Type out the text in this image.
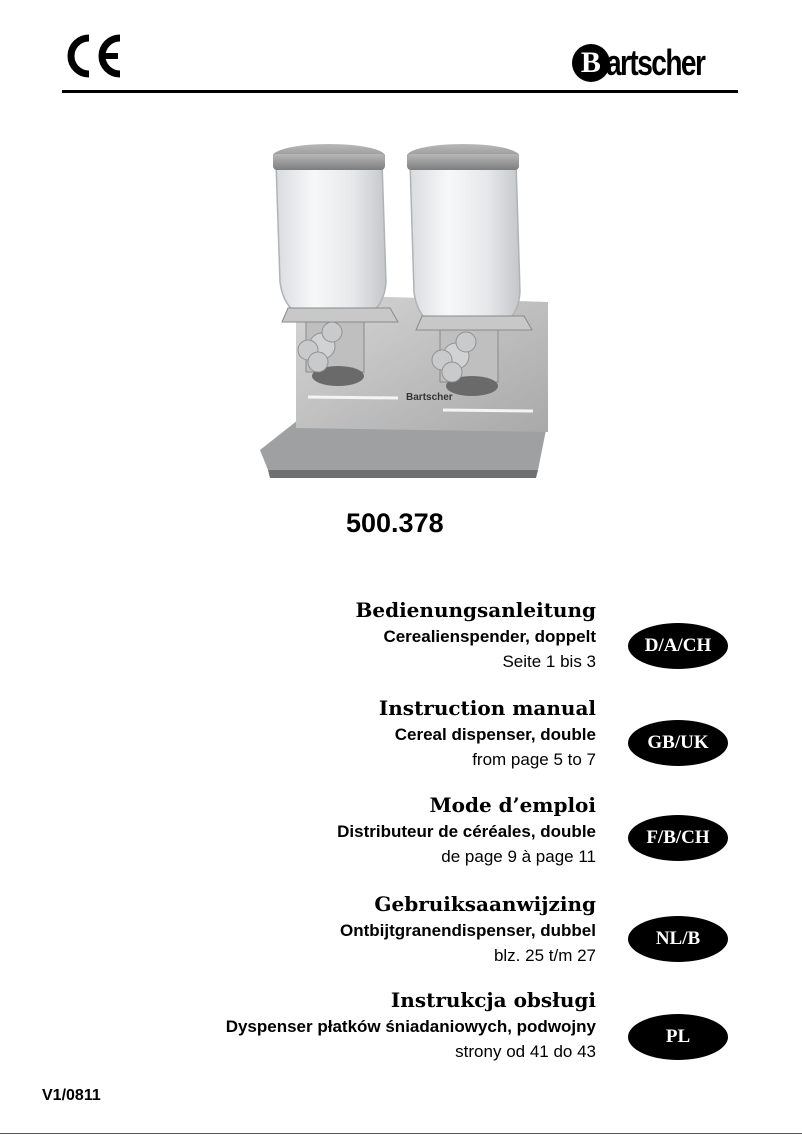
B artscher
Bartscher
500.378
Bedienungsanleitung
Cerealienspender, doppelt
Seite 1 bis 3
D/A/CH
Instruction manual
Cereal dispenser, double
from page 5 to 7
GB/UK
Mode d’emploi
Distributeur de céréales, double
de page 9 à page 11
F/B/CH
Gebruiksaanwijzing
Ontbijtgranendispenser, dubbel
blz. 25 t/m 27
NL/B
Instrukcja obsługi
Dyspenser płatków śniadaniowych, podwojny
strony od 41 do 43
PL
V1/0811
